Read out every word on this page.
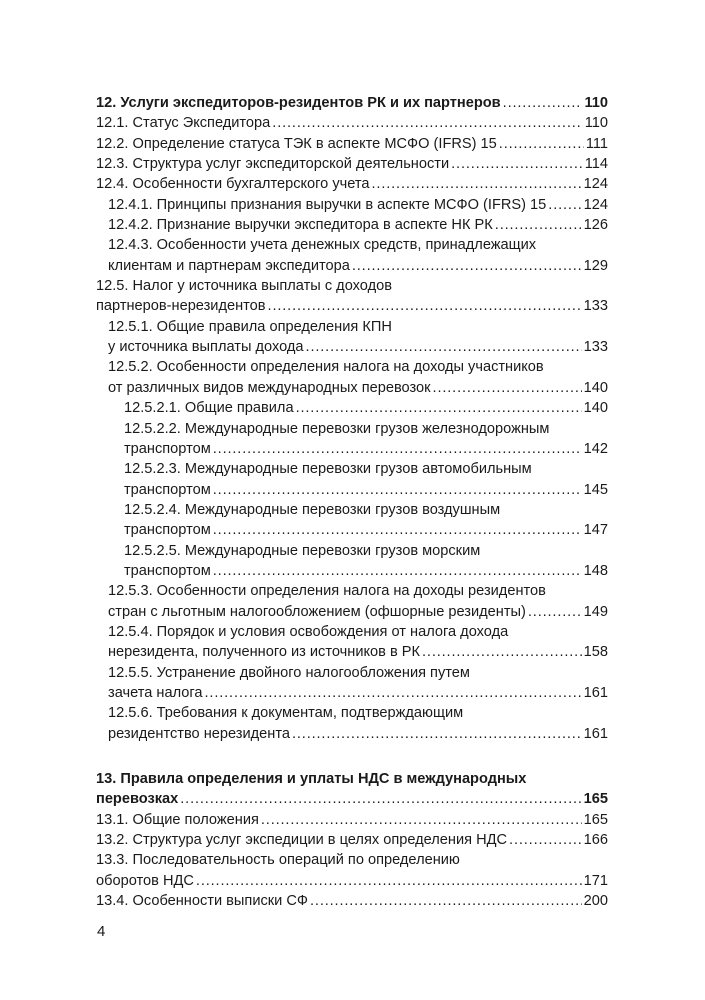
12. Услуги экспедиторов-резидентов РК и их партнеров . . .	110
12.1. Статус Экспедитора . . .	110
12.2. Определение статуса ТЭК в аспекте МСФО (IFRS) 15 . . .	111
12.3. Структура услуг экспедиторской деятельности . . .	114
12.4. Особенности бухгалтерского учета . . .	124
12.4.1. Принципы признания выручки в аспекте МСФО (IFRS) 15 . . .	124
12.4.2. Признание выручки экспедитора в аспекте НК РК . . .	126
12.4.3. Особенности учета денежных средств, принадлежащих
клиентам и партнерам экспедитора . . .	129
12.5. Налог у источника выплаты с доходов
партнеров-нерезидентов . . .	133
12.5.1. Общие правила определения КПН
у источника выплаты дохода . . .	133
12.5.2. Особенности определения налога на доходы участников
от различных видов международных перевозок . . .	140
12.5.2.1. Общие правила . . .	140
12.5.2.2. Международные перевозки грузов железнодорожным
транспортом . . .	142
12.5.2.3. Международные перевозки грузов автомобильным
транспортом . . .	145
12.5.2.4. Международные перевозки грузов воздушным
транспортом . . .	147
12.5.2.5. Международные перевозки грузов морским
транспортом . . .	148
12.5.3. Особенности определения налога на доходы резидентов
стран с льготным налогообложением (офшорные резиденты) . . .	149
12.5.4. Порядок и условия освобождения от налога дохода
нерезидента, полученного из источников в РК . . .	158
12.5.5. Устранение двойного налогообложения путем
зачета налога . . .	161
12.5.6. Требования к документам, подтверждающим
резидентство нерезидента . . .	161
13. Правила определения и уплаты НДС в международных
перевозках . . .	165
13.1. Общие положения . . .	165
13.2. Структура услуг экспедиции в целях определения НДС . . .	166
13.3. Последовательность операций по определению
оборотов НДС . . .	171
13.4. Особенности выписки СФ . . .	200
4
